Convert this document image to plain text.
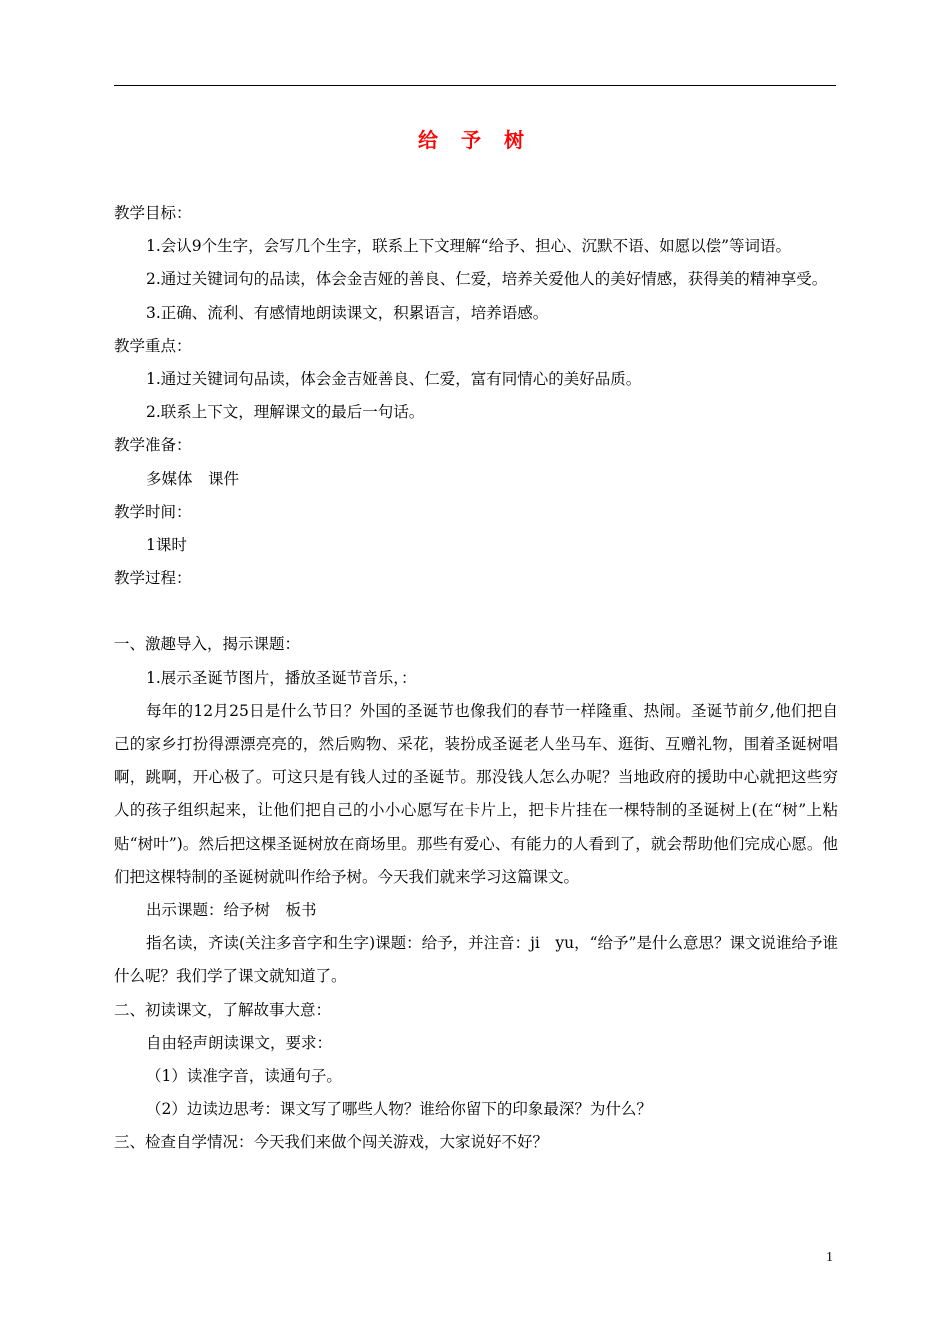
给 予 树

教学目标：

1.会认9个生字，会写几个生字，联系上下文理解“给予、担心、沉默不语、如愿以偿”等词语。

2.通过关键词句的品读，体会金吉娅的善良、仁爱，培养关爱他人的美好情感，获得美的精神享受。

3.正确、流利、有感情地朗读课文，积累语言，培养语感。

教学重点：

1.通过关键词句品读，体会金吉娅善良、仁爱，富有同情心的美好品质。

2.联系上下文，理解课文的最后一句话。

教学准备：

多媒体　课件

教学时间：

1课时

教学过程：

一、激趣导入，揭示课题：

1.展示圣诞节图片，播放圣诞节音乐，：

每年的12月25日是什么节日？外国的圣诞节也像我们的春节一样隆重、热闹。圣诞节前夕,他们把自己的家乡打扮得漂漂亮亮的，然后购物、采花，装扮成圣诞老人坐马车、逛街、互赠礼物，围着圣诞树唱啊，跳啊，开心极了。可这只是有钱人过的圣诞节。那没钱人怎么办呢？当地政府的援助中心就把这些穷人的孩子组织起来，让他们把自己的小小心愿写在卡片上，把卡片挂在一棵特制的圣诞树上(在“树”上粘贴“树叶”)。然后把这棵圣诞树放在商场里。那些有爱心、有能力的人看到了，就会帮助他们完成心愿。他们把这棵特制的圣诞树就叫作给予树。今天我们就来学习这篇课文。

出示课题：给予树　板书

指名读，齐读(关注多音字和生字)课题：给予，并注音：ji　yu，“给予”是什么意思？课文说谁给予谁什么呢？我们学了课文就知道了。

二、初读课文，了解故事大意：

自由轻声朗读课文，要求：

（1）读准字音，读通句子。

（2）边读边思考：课文写了哪些人物？谁给你留下的印象最深？为什么？

三、检查自学情况：今天我们来做个闯关游戏，大家说好不好？

1
